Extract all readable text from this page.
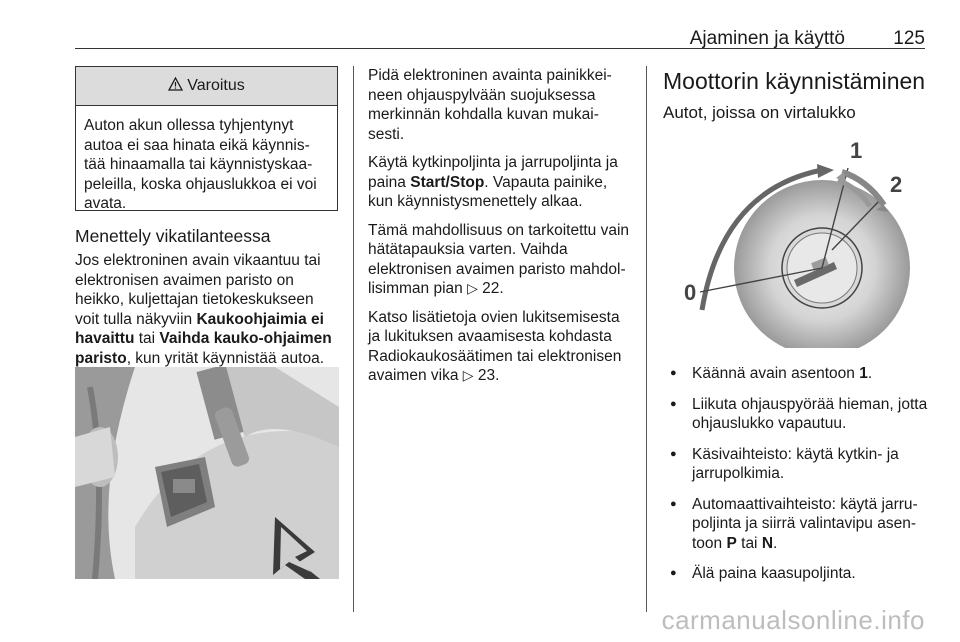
Ajaminen ja käyttö	125
Varoitus
Auton akun ollessa tyhjentynyt autoa ei saa hinata eikä käynnis- tää hinaamalla tai käynnistyskaa- peleilla, koska ohjauslukkoa ei voi avata.
Menettely vikatilanteessa

Jos elektroninen avain vikaantuu tai elektronisen avaimen paristo on heikko, kuljettajan tietokeskukseen voit tulla näkyviin Kaukoohjaimia ei havaittu tai Vaihda kauko-ohjaimen paristo, kun yrität käynnistää autoa.

Pidä elektroninen avainta painikkei- neen ohjauspylvään suojuksessa merkinnän kohdalla kuvan mukai- sesti.

Käytä kytkinpoljinta ja jarrupoljinta ja paina Start/Stop. Vapauta painike, kun käynnistysmenettely alkaa.

Tämä mahdollisuus on tarkoitettu vain hätätapauksia varten. Vaihda elektronisen avaimen paristo mahdol- lisimman pian ▷ 22.

Katso lisätietoja ovien lukitsemisesta ja lukituksen avaamisesta kohdasta Radiokaukosäätimen tai elektronisen avaimen vika ▷ 23.

Moottorin käynnistäminen
Autot, joissa on virtalukko
1
2
0
● Käännä avain asentoon 1.
● Liikuta ohjauspyörää hieman, jotta ohjauslukko vapautuu.
● Käsivaihteisto: käytä kytkin- ja jarrupolkimia.
● Automaattivaihteisto: käytä jarru- poljinta ja siirrä valintavipu asen- toon P tai N.
● Älä paina kaasupoljinta.
carmanualsonline.info
